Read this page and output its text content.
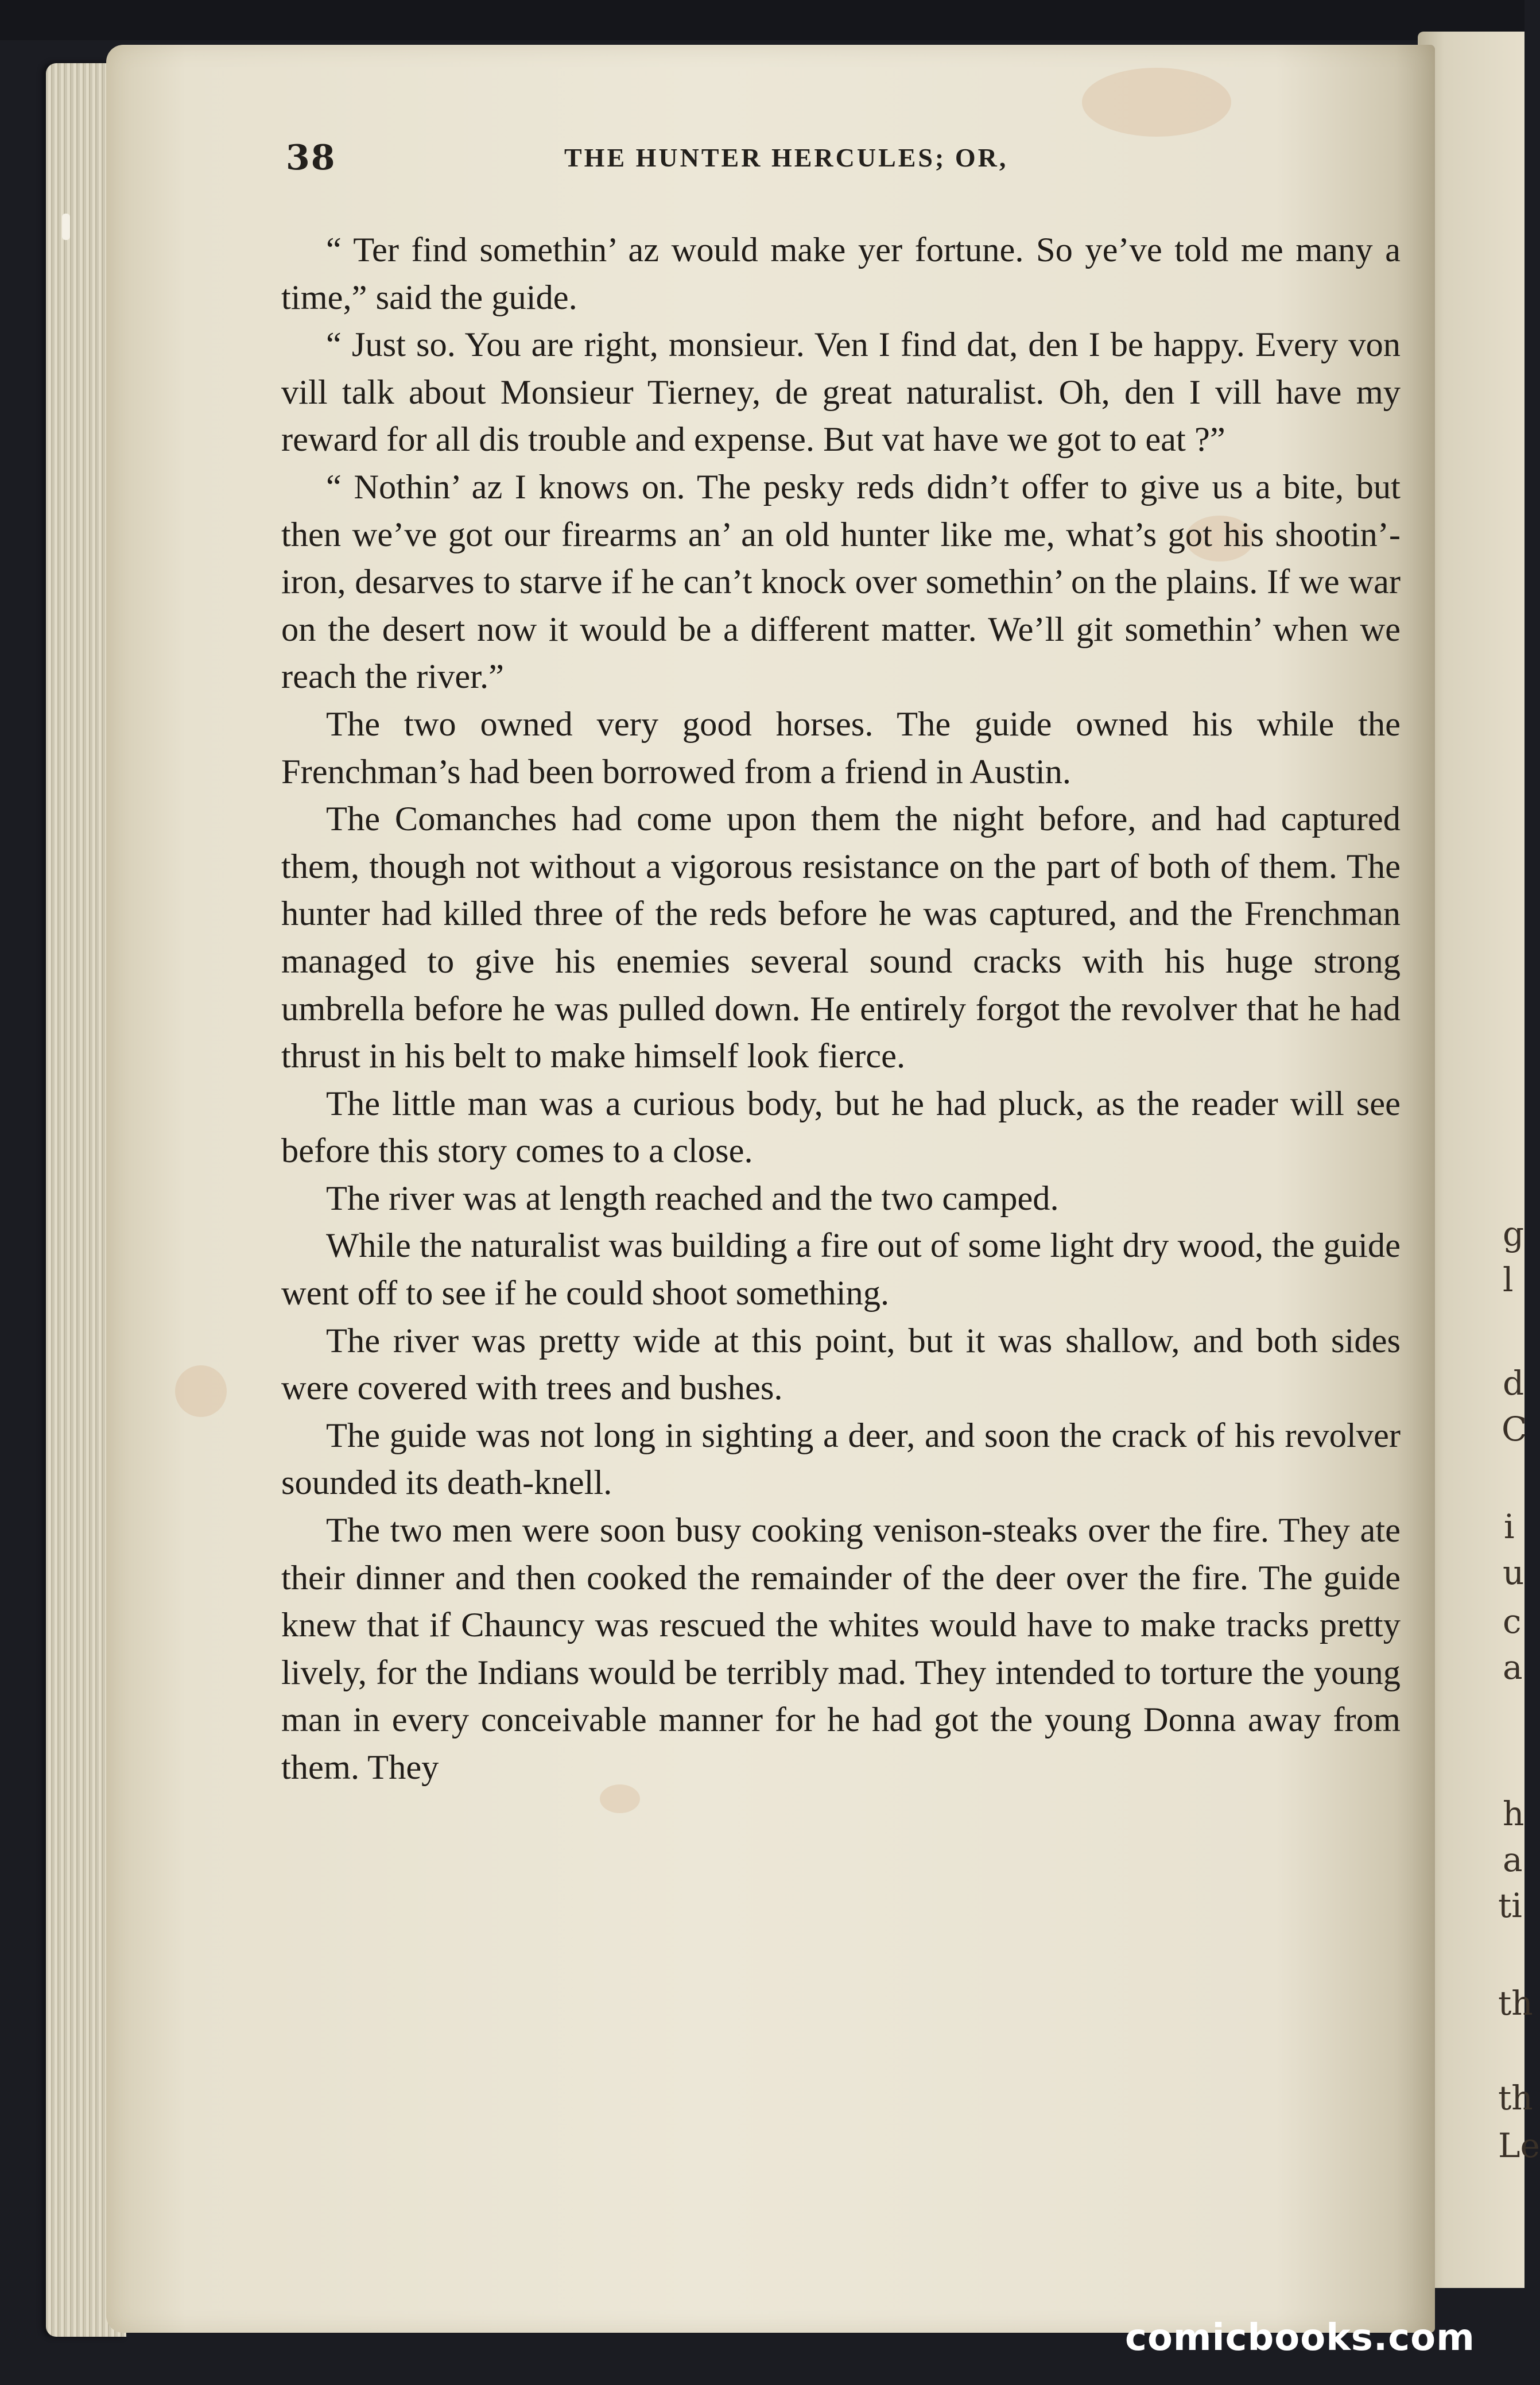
g
l
d
C
i
u
c
a
h
a
ti
th
th
Le
38	THE HUNTER HERCULES; OR,

“ Ter find somethin’ az would make yer fortune. So ye’ve told me many a time,” said the guide.

“ Just so. You are right, monsieur. Ven I find dat, den I be happy. Every von vill talk about Monsieur Tierney, de great naturalist. Oh, den I vill have my reward for all dis trouble and expense. But vat have we got to eat ?”

“ Nothin’ az I knows on. The pesky reds didn’t offer to give us a bite, but then we’ve got our firearms an’ an old hunter like me, what’s got his shootin’-iron, desarves to starve if he can’t knock over somethin’ on the plains. If we war on the desert now it would be a different matter. We’ll git somethin’ when we reach the river.”

The two owned very good horses. The guide owned his while the Frenchman’s had been borrowed from a friend in Austin.

The Comanches had come upon them the night before, and had captured them, though not without a vigorous resistance on the part of both of them. The hunter had killed three of the reds before he was captured, and the Frenchman managed to give his enemies several sound cracks with his huge strong umbrella before he was pulled down. He entirely forgot the revolver that he had thrust in his belt to make himself look fierce.

The little man was a curious body, but he had pluck, as the reader will see before this story comes to a close.

The river was at length reached and the two camped.

While the naturalist was building a fire out of some light dry wood, the guide went off to see if he could shoot something.

The river was pretty wide at this point, but it was shallow, and both sides were covered with trees and bushes.

The guide was not long in sighting a deer, and soon the crack of his revolver sounded its death-knell.

The two men were soon busy cooking venison-steaks over the fire. They ate their dinner and then cooked the remainder of the deer over the fire. The guide knew that if Chauncy was rescued the whites would have to make tracks pretty lively, for the Indians would be terribly mad. They intended to torture the young man in every conceivable manner for he had got the young Donna away from them. They

comicbooks.com
